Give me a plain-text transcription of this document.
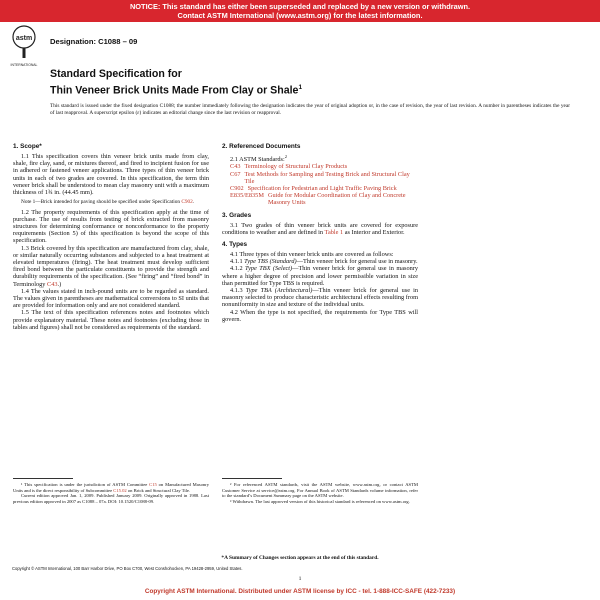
NOTICE: This standard has either been superseded and replaced by a new version or withdrawn.
Contact ASTM International (www.astm.org) for the latest information.
astm
INTERNATIONAL
Designation: C1088 – 09
Standard Specification for
Thin Veneer Brick Units Made From Clay or Shale$^1$
This standard is issued under the fixed designation C1088; the number immediately following the designation indicates the year of original adoption or, in the case of revision, the year of last revision. A number in parentheses indicates the year of last reapproval. A superscript epsilon (ε) indicates an editorial change since the last revision or reapproval.
1. Scope*

1.1 This specification covers thin veneer brick units made from clay, shale, fire clay, sand, or mixtures thereof, and fired to incipient fusion for use in adhered or fastened veneer applications. Three types of thin veneer brick units in each of two grades are covered. In this specification, the term thin veneer brick shall be understood to mean clay masonry unit with a maximum thickness of 1¾ in. (44.45 mm).

Note 1—Brick intended for paving should be specified under Specification C902.

1.2 The property requirements of this specification apply at the time of purchase. The use of results from testing of brick extracted from masonry structures for determining conformance or nonconformance to the property requirements (Section 5) of this specification is beyond the scope of this specification.

1.3 Brick covered by this specification are manufactured from clay, shale, or similar naturally occurring substances and subjected to a heat treatment at elevated temperatures (firing). The heat treatment must develop sufficient fired bond between the particulate constituents to provide the strength and durability requirements of the specification. (See “firing” and “fired bond” in Terminology C43.)

1.4 The values stated in inch-pound units are to be regarded as standard. The values given in parentheses are mathematical conversions to SI units that are provided for information only and are not considered standard.

1.5 The text of this specification references notes and footnotes which provide explanatory material. These notes and footnotes (excluding those in tables and figures) shall not be considered as requirements of the standard.

2. Referenced Documents

2.1 ASTM Standards:$^2$

C43 Terminology of Structural Clay Products
C67 Test Methods for Sampling and Testing Brick and Structural Clay Tile
C902 Specification for Pedestrian and Light Traffic Paving Brick
E835/E835M Guide for Modular Coordination of Clay and Concrete Masonry Units
3. Grades

3.1 Two grades of thin veneer brick units are covered for exposure conditions to weather and are defined in Table 1 as Interior and Exterior.

4. Types

4.1 Three types of thin veneer brick units are covered as follows:

4.1.1 Type TBS (Standard)—Thin veneer brick for general use in masonry.

4.1.2 Type TBX (Select)—Thin veneer brick for general use in masonry where a higher degree of precision and lower permissible variation in size than permitted for Type TBS is required.

4.1.3 Type TBA (Architectural)—Thin veneer brick for general use in masonry selected to produce characteristic architectural effects resulting from nonuniformity in size and texture of the individual units.

4.2 When the type is not specified, the requirements for Type TBS will govern.

¹ This specification is under the jurisdiction of ASTM Committee C15 on Manufactured Masonry Units and is the direct responsibility of Subcommittee C15.02 on Brick and Structural Clay Tile.

Current edition approved Jan. 1, 2009. Published January 2009. Originally approved in 1988. Last previous edition approved in 2007 as C1088 – 07a. DOI: 10.1520/C1088-09.

² For referenced ASTM standards, visit the ASTM website, www.astm.org, or contact ASTM Customer Service at service@astm.org. For Annual Book of ASTM Standards volume information, refer to the standard’s Document Summary page on the ASTM website.

³ Withdrawn. The last approved version of this historical standard is referenced on www.astm.org.

*A Summary of Changes section appears at the end of this standard.
Copyright © ASTM International, 100 Barr Harbor Drive, PO Box C700, West Conshohocken, PA 19428-2959, United States.
1
Copyright ASTM International. Distributed under ASTM license by ICC - tel. 1-888-ICC-SAFE (422-7233)
